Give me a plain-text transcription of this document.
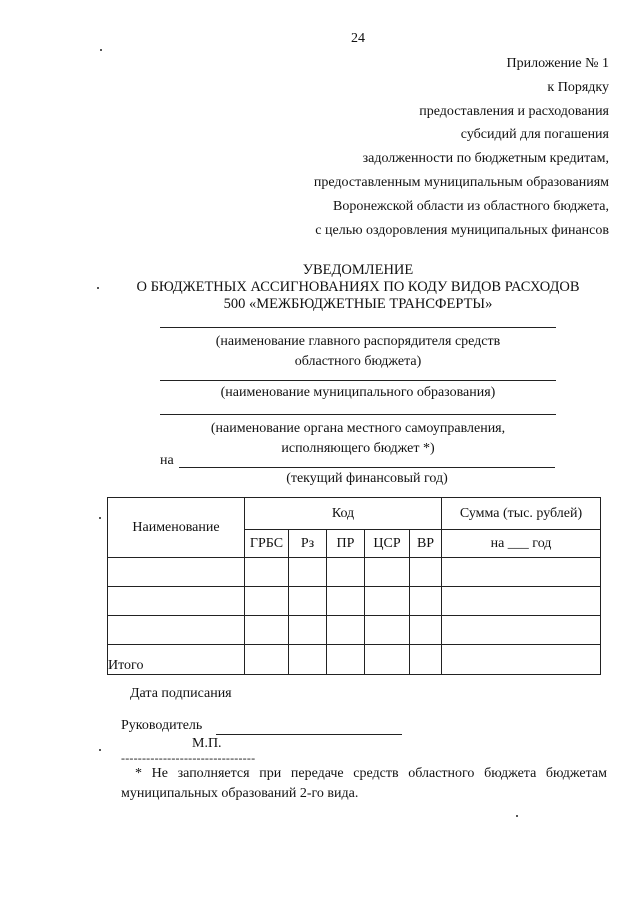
24
Приложение № 1
к Порядку
предоставления и расходования
субсидий для погашения
задолженности по бюджетным кредитам,
предоставленным муниципальным образованиям
Воронежской области из областного бюджета,
с целью оздоровления муниципальных финансов
УВЕДОМЛЕНИЕ
О БЮДЖЕТНЫХ АССИГНОВАНИЯХ ПО КОДУ ВИДОВ РАСХОДОВ
500 «МЕЖБЮДЖЕТНЫЕ ТРАНСФЕРТЫ»
(наименование главного распорядителя средств
областного бюджета)
(наименование муниципального образования)
(наименование органа местного самоуправления,
исполняющего бюджет *)
на
(текущий финансовый год)
Наименование	Код					Сумма (тыс. рублей)
	ГРБС	Рз	ПР	ЦСР	ВР	на ___ год

Итого						
Дата подписания
Руководитель
М.П.
--------------------------------
* Не заполняется при передаче средств областного бюджета бюджетам
муниципальных образований 2-го вида.
